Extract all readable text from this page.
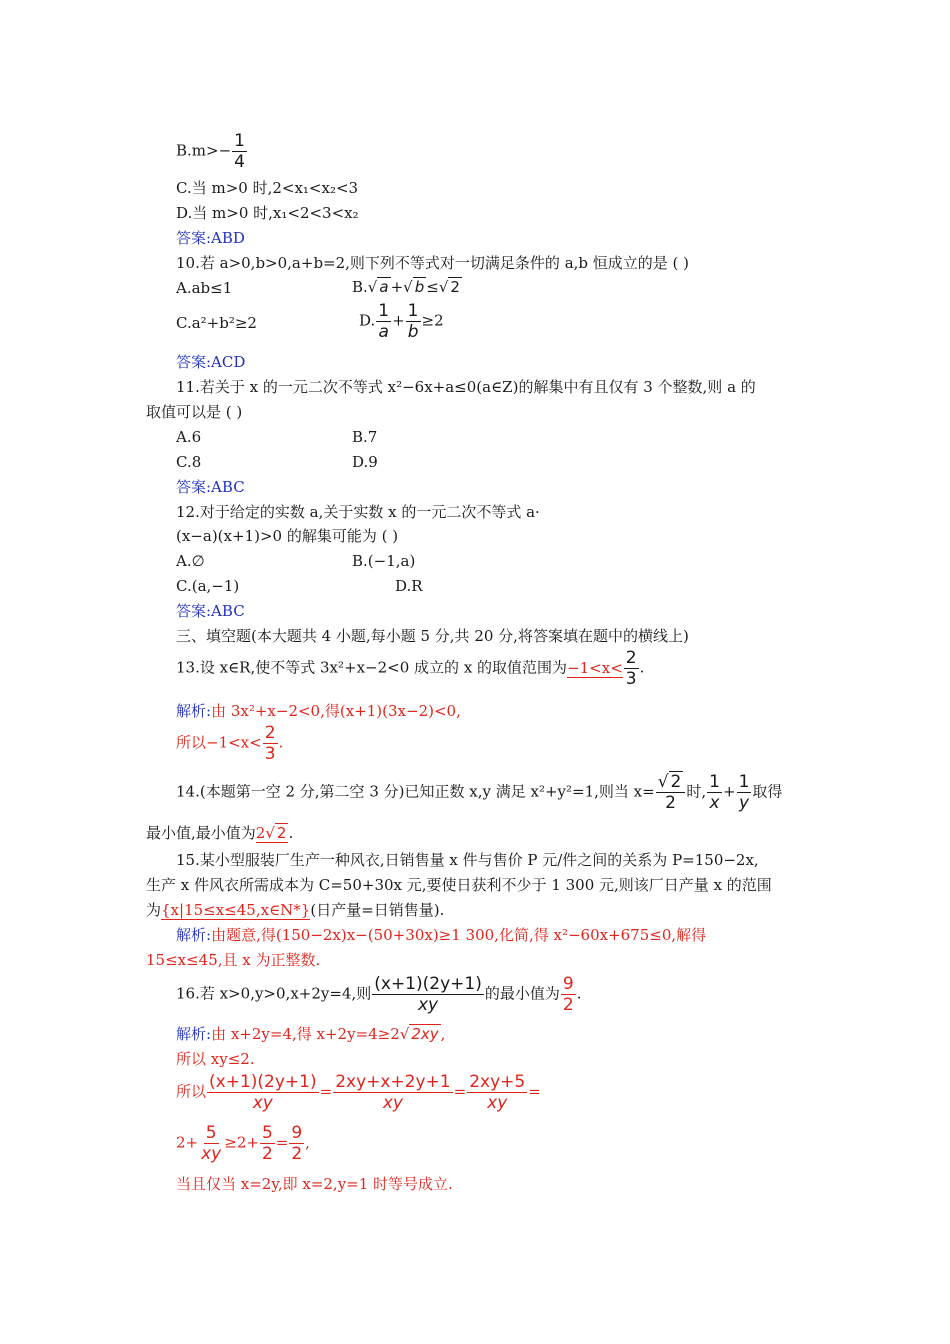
$B.m>- \frac{1}{4}$
C.当 m>0 时,2<x₁<x₂<3
D.当 m>0 时,x₁<2<3<x₂
答案:ABD
10.若 a>0,b>0,a+b=2,则下列不等式对一切满足条件的 a,b 恒成立的是 ( )
A.ab≤1	B.√ a +√ b ≤√ 2
C.a²+b²≥2	D. $\frac{1}{a} + \frac{1}{b} \ge 2$
答案:ACD
11.若关于 x 的一元二次不等式 x²−6x+a≤0(a∈Z)的解集中有且仅有 3 个整数,则 a 的
取值可以是 ( )
A.6	B.7
C.8	D.9
答案:ABC
12.对于给定的实数 a,关于实数 x 的一元二次不等式 a·
(x−a)(x+1)>0 的解集可能为 ( )
A.∅	B.(−1,a)
C.(a,−1)	D.R
答案:ABC
三、填空题(本大题共 4 小题,每小题 5 分,共 20 分,将答案填在题中的横线上)
13.设 x∈R,使不等式 3x²+x−2<0 成立的 x 的取值范围为$-1<x< \frac{2}{3}$ .
解析:由 3x²+x−2<0,得(x+1)(3x−2)<0,
所以$-1<x< \frac{2}{3}$ .
14.(本题第一空 2 分,第二空 3 分)已知正数 x,y 满足 x²+y²=1,则当 $x= \frac{√ 2}{2}$ 时, $\frac{1}{x} + \frac{1}{y}$ 取得
最小值,最小值为2√ 2 .
15.某小型服装厂生产一种风衣,日销售量 x 件与售价 P 元/件之间的关系为 P=150−2x,
生产 x 件风衣所需成本为 C=50+30x 元,要使日获利不少于 1 300 元,则该厂日产量 x 的范围
为{x|15≤x≤45,x∈N*}(日产量=日销售量).
解析:由题意,得(150−2x)x−(50+30x)≥1 300,化简,得 x²−60x+675≤0,解得
15≤x≤45,且 x 为正整数.
16.若 x>0,y>0,x+2y=4,则 $\frac{(x+1)(2y+1)}{xy}$ 的最小值为 $\frac{9}{2}$ .
解析:由 x+2y=4,得 x+2y=4≥2√ 2xy ,
所以 xy≤2.
所以 $\frac{(x+1)(2y+1)}{xy} = \frac{2xy+x+2y+1}{xy} = \frac{2xy+5}{xy}$ =
$2+ \frac{5}{xy} \ge 2+ \frac{5}{2} = \frac{9}{2}$ ,
当且仅当 x=2y,即 x=2,y=1 时等号成立.
